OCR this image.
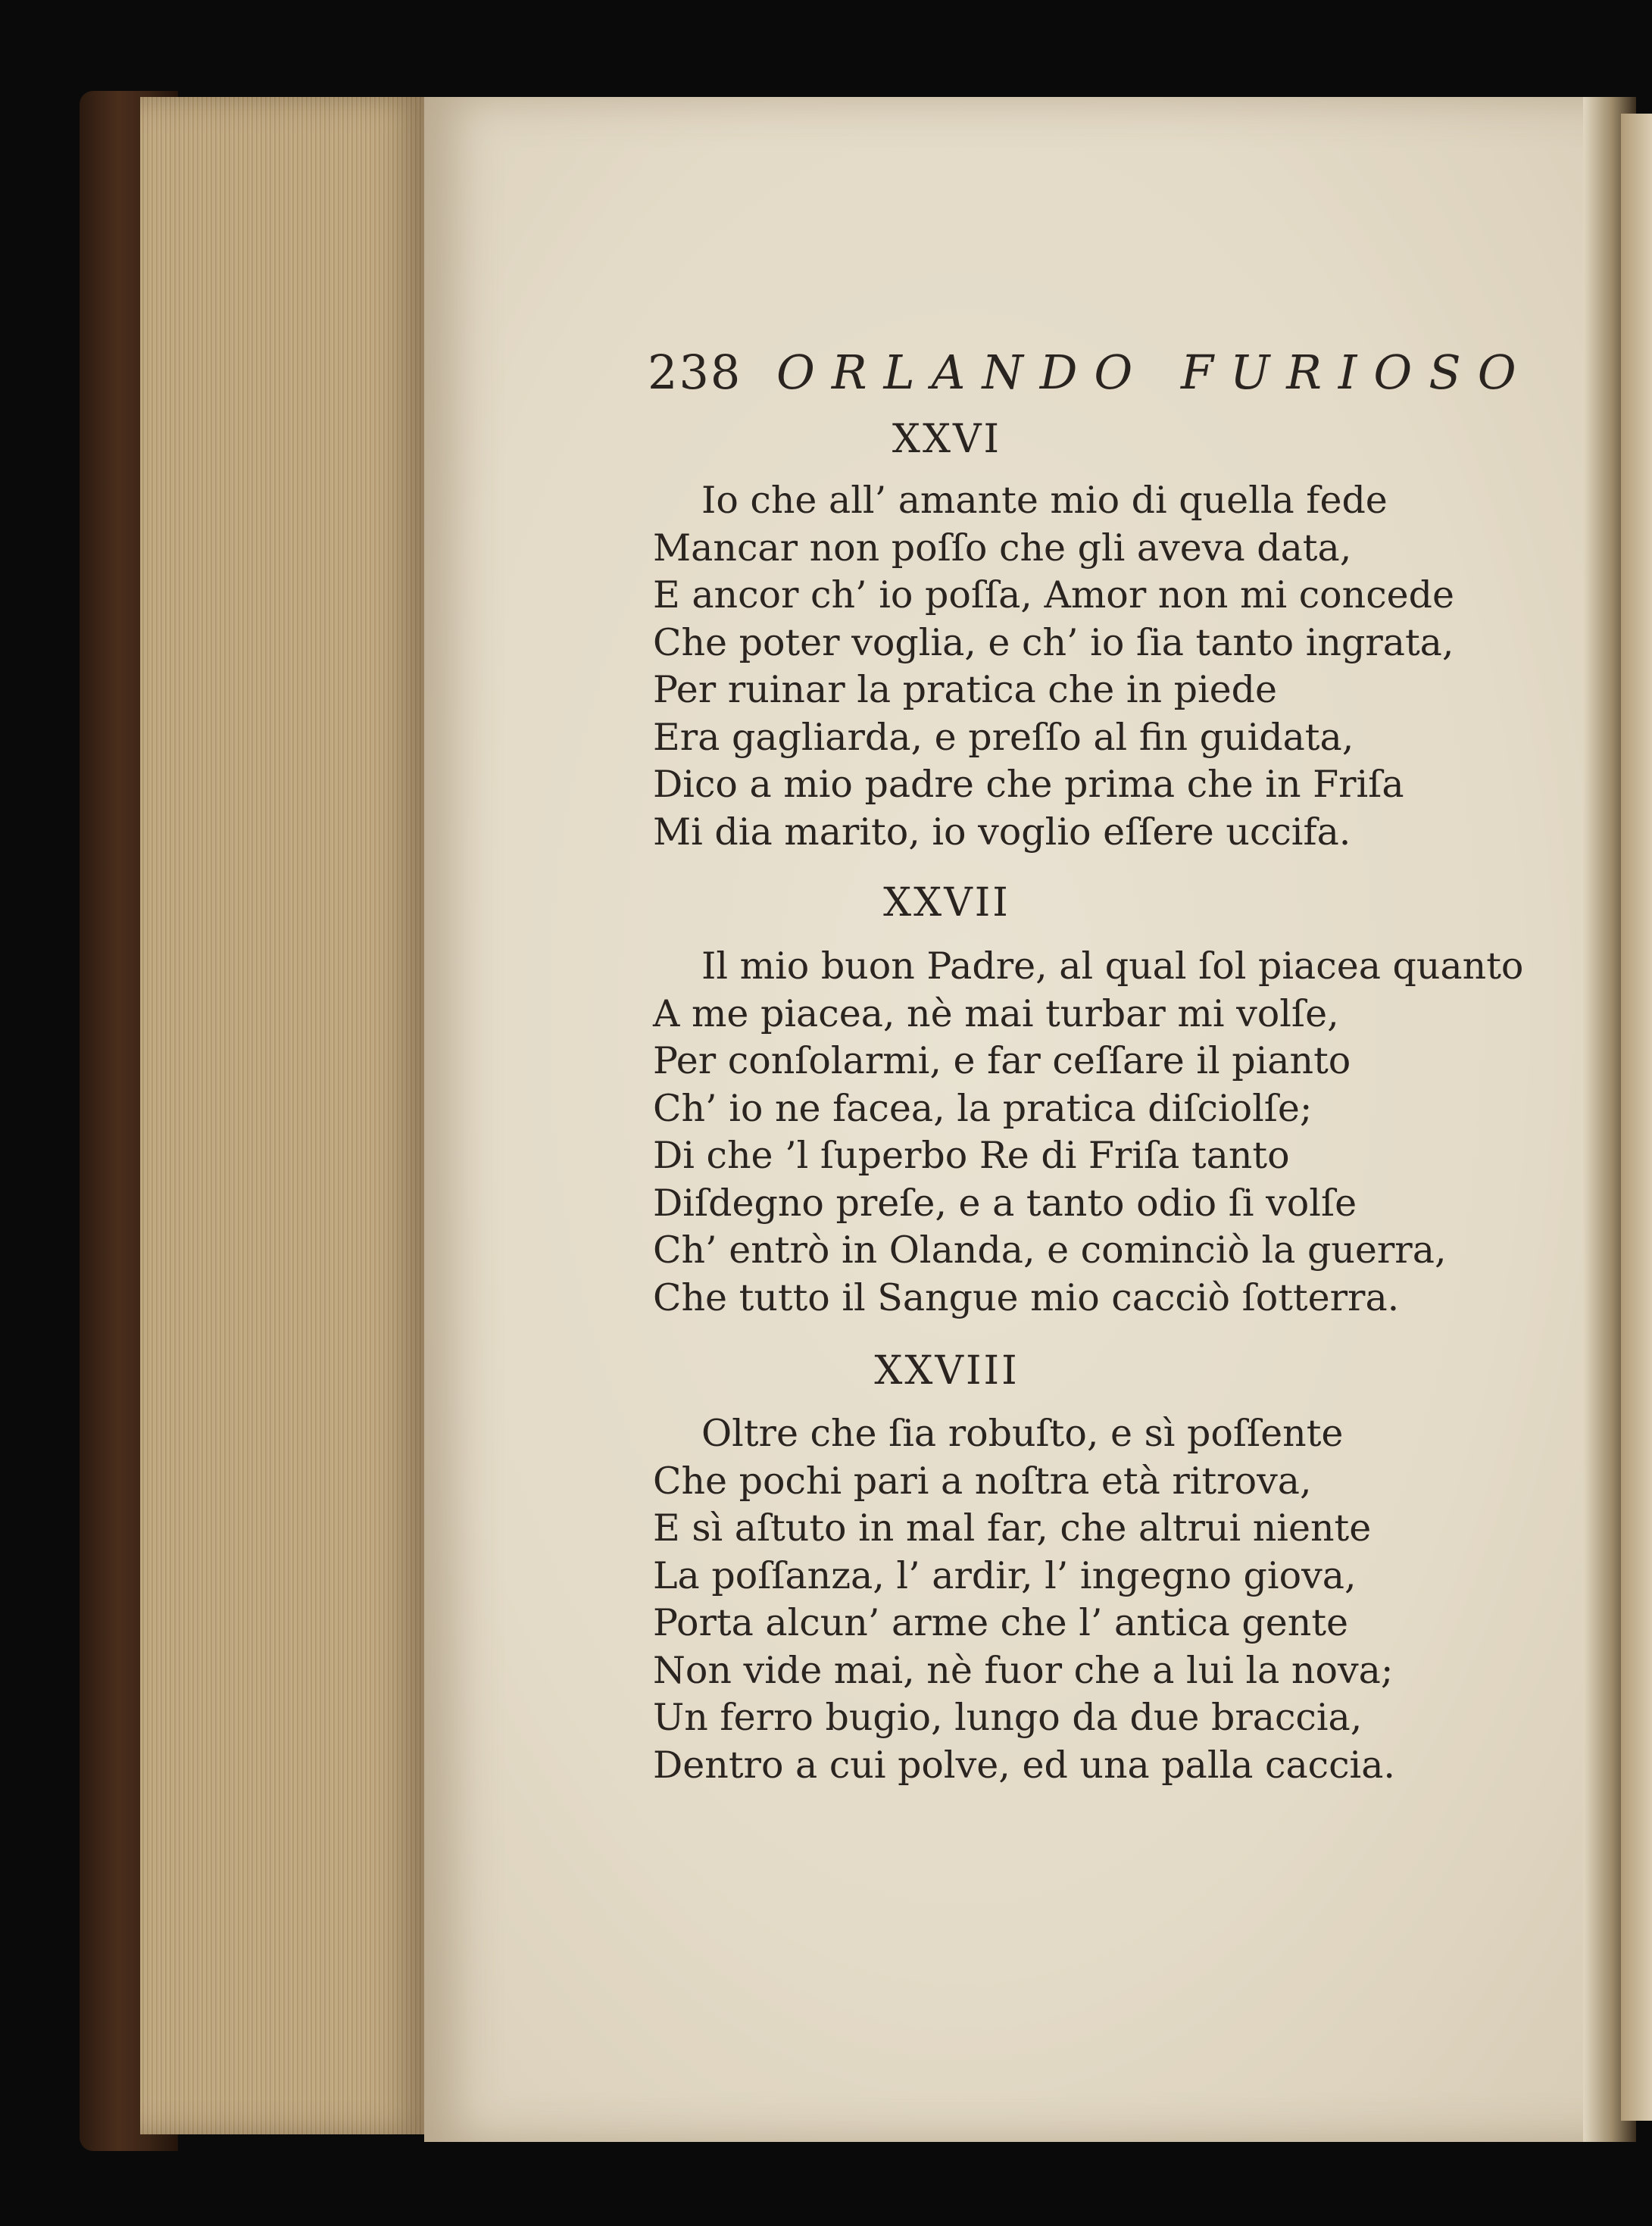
238 ORLANDO FURIOSO
XXVI
Io che all’ amante mio di quella fede
Mancar non poſſo che gli aveva data,
E ancor ch’ io poſſa, Amor non mi concede
Che poter voglia, e ch’ io ſia tanto ingrata,
Per ruinar la pratica che in piede
Era gagliarda, e preſſo al fin guidata,
Dico a mio padre che prima che in Friſa
Mi dia marito, io voglio eſſere uccifa.
XXVII
Il mio buon Padre, al qual ſol piacea quanto
A me piacea, nè mai turbar mi volſe,
Per conſolarmi, e far ceſſare il pianto
Ch’ io ne facea, la pratica diſciolſe;
Di che ’l ſuperbo Re di Friſa tanto
Diſdegno preſe, e a tanto odio ſi volſe
Ch’ entrò in Olanda, e cominciò la guerra,
Che tutto il Sangue mio cacciò ſotterra.
XXVIII
Oltre che ſia robuſto, e sì poſſente
Che pochi pari a noſtra età ritrova,
E sì aſtuto in mal far, che altrui niente
La poſſanza, l’ ardir, l’ ingegno giova,
Porta alcun’ arme che l’ antica gente
Non vide mai, nè fuor che a lui la nova;
Un ferro bugio, lungo da due braccia,
Dentro a cui polve, ed una palla caccia.
